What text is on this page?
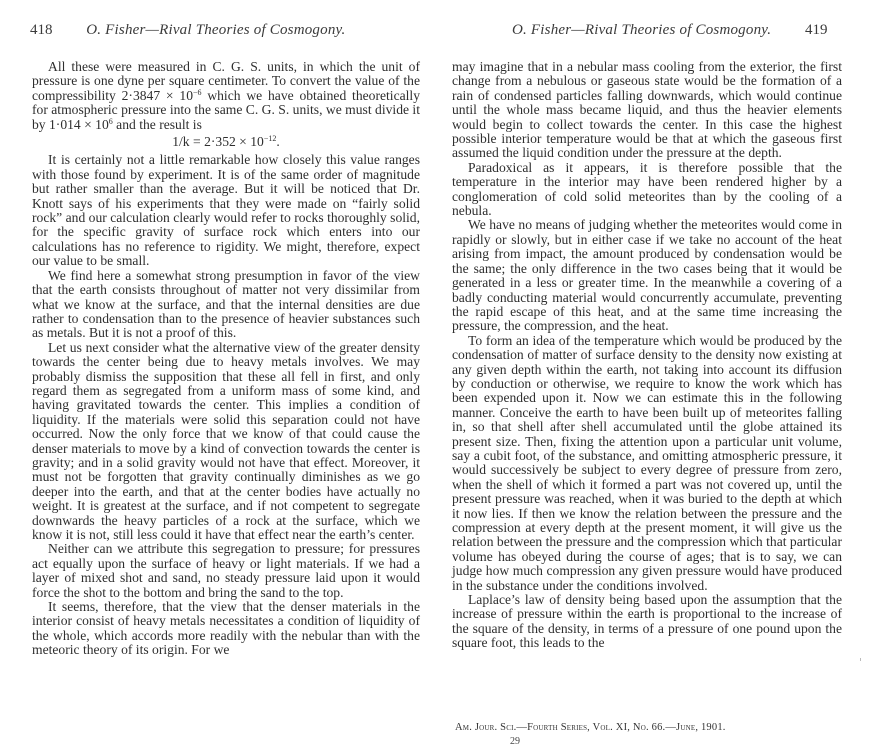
418 O. Fisher—Rival Theories of Cosmogony.

All these were measured in C. G. S. units, in which the unit of pressure is one dyne per square centimeter. To convert the value of the compressibility $2\cdot 3847 \times 10^{-6}$ which we have obtained theoretically for atmospheric pressure into the same C. G. S. units, we must divide it by $1\cdot 014 \times 10^6$ and the result is

$1/k = 2\cdot 352 \times 10^{-12}$.

It is certainly not a little remarkable how closely this value ranges with those found by experiment. It is of the same order of magnitude but rather smaller than the average. But it will be noticed that Dr. Knott says of his experiments that they were made on “fairly solid rock” and our calculation clearly would refer to rocks thoroughly solid, for the specific gravity of surface rock which enters into our calculations has no reference to rigidity. We might, therefore, expect our value to be small.

We find here a somewhat strong presumption in favor of the view that the earth consists throughout of matter not very dissimilar from what we know at the surface, and that the internal densities are due rather to condensation than to the presence of heavier substances such as metals. But it is not a proof of this.

Let us next consider what the alternative view of the greater density towards the center being due to heavy metals involves. We may probably dismiss the supposition that these all fell in first, and only regard them as segregated from a uniform mass of some kind, and having gravitated towards the center. This implies a condition of liquidity. If the materials were solid this separation could not have occurred. Now the only force that we know of that could cause the denser materials to move by a kind of convection towards the center is gravity; and in a solid gravity would not have that effect. Moreover, it must not be forgotten that gravity continually diminishes as we go deeper into the earth, and that at the center bodies have actually no weight. It is greatest at the surface, and if not competent to segregate downwards the heavy particles of a rock at the surface, which we know it is not, still less could it have that effect near the earth’s center.

Neither can we attribute this segregation to pressure; for pressures act equally upon the surface of heavy or light materials. If we had a layer of mixed shot and sand, no steady pressure laid upon it would force the shot to the bottom and bring the sand to the top.

It seems, therefore, that the view that the denser materials in the interior consist of heavy metals necessitates a condition of liquidity of the whole, which accords more readily with the nebular than with the meteoric theory of its origin. For we

O. Fisher—Rival Theories of Cosmogony. 419

may imagine that in a nebular mass cooling from the exterior, the first change from a nebulous or gaseous state would be the formation of a rain of condensed particles falling downwards, which would continue until the whole mass became liquid, and thus the heavier elements would begin to collect towards the center. In this case the highest possible interior temperature would be that at which the gaseous first assumed the liquid condition under the pressure at the depth.

Paradoxical as it appears, it is therefore possible that the temperature in the interior may have been rendered higher by a conglomeration of cold solid meteorites than by the cooling of a nebula.

We have no means of judging whether the meteorites would come in rapidly or slowly, but in either case if we take no account of the heat arising from impact, the amount produced by condensation would be the same; the only difference in the two cases being that it would be generated in a less or greater time. In the meanwhile a covering of a badly conducting material would concurrently accumulate, preventing the rapid escape of this heat, and at the same time increasing the pressure, the compression, and the heat.

To form an idea of the temperature which would be produced by the condensation of matter of surface density to the density now existing at any given depth within the earth, not taking into account its diffusion by conduction or otherwise, we require to know the work which has been expended upon it. Now we can estimate this in the following manner. Conceive the earth to have been built up of meteorites falling in, so that shell after shell accumulated until the globe attained its present size. Then, fixing the attention upon a particular unit volume, say a cubit foot, of the substance, and omitting atmospheric pressure, it would successively be subject to every degree of pressure from zero, when the shell of which it formed a part was not covered up, until the present pressure was reached, when it was buried to the depth at which it now lies. If then we know the relation between the pressure and the compression at every depth at the present moment, it will give us the relation between the pressure and the compression which that particular volume has obeyed during the course of ages; that is to say, we can judge how much compression any given pressure would have produced in the substance under the conditions involved.

Laplace’s law of density being based upon the assumption that the increase of pressure within the earth is proportional to the increase of the square of the density, in terms of a pressure of one pound upon the square foot, this leads to the

Am. Jour. Sci.—Fourth Series, Vol. XI, No. 66.—June, 1901.
29
